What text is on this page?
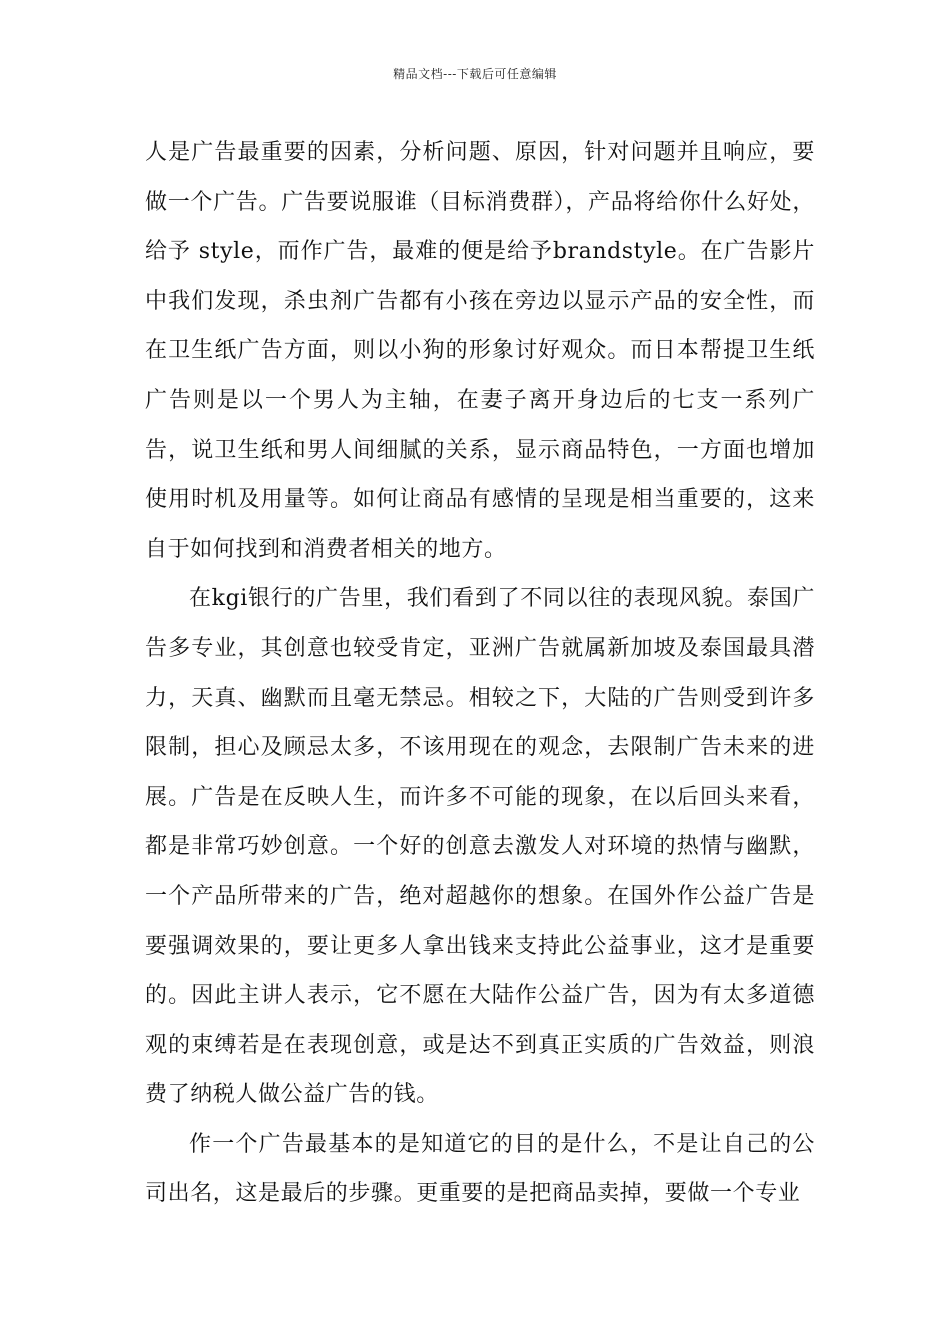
精品文档---下载后可任意编辑

人是广告最重要的因素，分析问题、原因，针对问题并且响应，要做一个广告。广告要说服谁（目标消费群），产品将给你什么好处，给予 style，而作广告，最难的便是给予brandstyle。在广告影片中我们发现，杀虫剂广告都有小孩在旁边以显示产品的安全性，而在卫生纸广告方面，则以小狗的形象讨好观众。而日本帮提卫生纸广告则是以一个男人为主轴，在妻子离开身边后的七支一系列广告，说卫生纸和男人间细腻的关系，显示商品特色，一方面也增加使用时机及用量等。如何让商品有感情的呈现是相当重要的，这来自于如何找到和消费者相关的地方。

在kgi银行的广告里，我们看到了不同以往的表现风貌。泰国广告多专业，其创意也较受肯定，亚洲广告就属新加坡及泰国最具潜力，天真、幽默而且毫无禁忌。相较之下，大陆的广告则受到许多限制，担心及顾忌太多，不该用现在的观念，去限制广告未来的进展。广告是在反映人生，而许多不可能的现象，在以后回头来看，都是非常巧妙创意。一个好的创意去激发人对环境的热情与幽默，一个产品所带来的广告，绝对超越你的想象。在国外作公益广告是要强调效果的，要让更多人拿出钱来支持此公益事业，这才是重要的。因此主讲人表示，它不愿在大陆作公益广告，因为有太多道德观的束缚若是在表现创意，或是达不到真正实质的广告效益，则浪费了纳税人做公益广告的钱。

作一个广告最基本的是知道它的目的是什么，不是让自己的公司出名，这是最后的步骤。更重要的是把商品卖掉，要做一个专业
